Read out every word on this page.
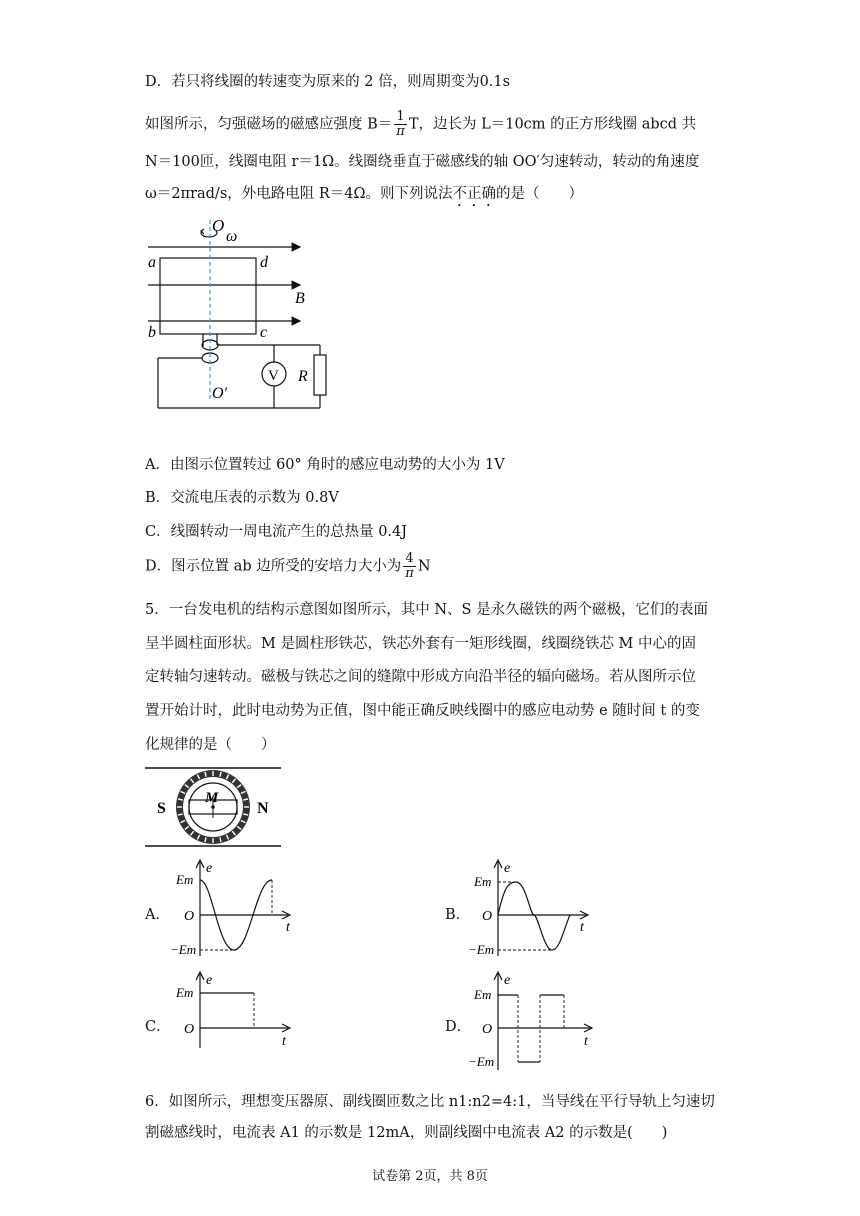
D．若只将线圈的转速变为原来的 2 倍，则周期变为0.1s
如图所示，匀强磁场的磁感应强度 $B= \frac{1}{\pi}$ T，边长为 L＝10cm 的正方形线圈 abcd 共
N＝100匝，线圈电阻 r＝1Ω。线圈绕垂直于磁感线的轴 OO′匀速转动，转动的角速度
ω＝2πrad/s，外电路电阻 R＝4Ω。则下列说法不正确的是（　　）
O
ω
a	d
B
b	c
V R
O′
A．由图示位置转过 60° 角时的感应电动势的大小为 1V
B．交流电压表的示数为 0.8V
C．线圈转动一周电流产生的总热量 0.4J
D．图示位置 ab 边所受的安培力大小为 $\frac{4}{\pi}$ N
5．一台发电机的结构示意图如图所示，其中 N、S 是永久磁铁的两个磁极，它们的表面
呈半圆柱面形状。M 是圆柱形铁芯，铁芯外套有一矩形线圈，线圈绕铁芯 M 中心的固
定转轴匀速转动。磁极与铁芯之间的缝隙中形成方向沿半径的辐向磁场。若从图所示位
置开始计时，此时电动势为正值，图中能正确反映线圈中的感应电动势 e 随时间 t 的变
化规律的是（　　）
S	N
M
A．	B．
C．	D．
Em
e
O
t
−Em
Em
e
O
t
−Em
Em
e
O
t
Em
e
O
t
−Em
6．如图所示，理想变压器原、副线圈匝数之比 n1:n2=4:1，当导线在平行导轨上匀速切
割磁感线时，电流表 A1 的示数是 12mA，则副线圈中电流表 A2 的示数是(　　)
试卷第 2页，共 8页
